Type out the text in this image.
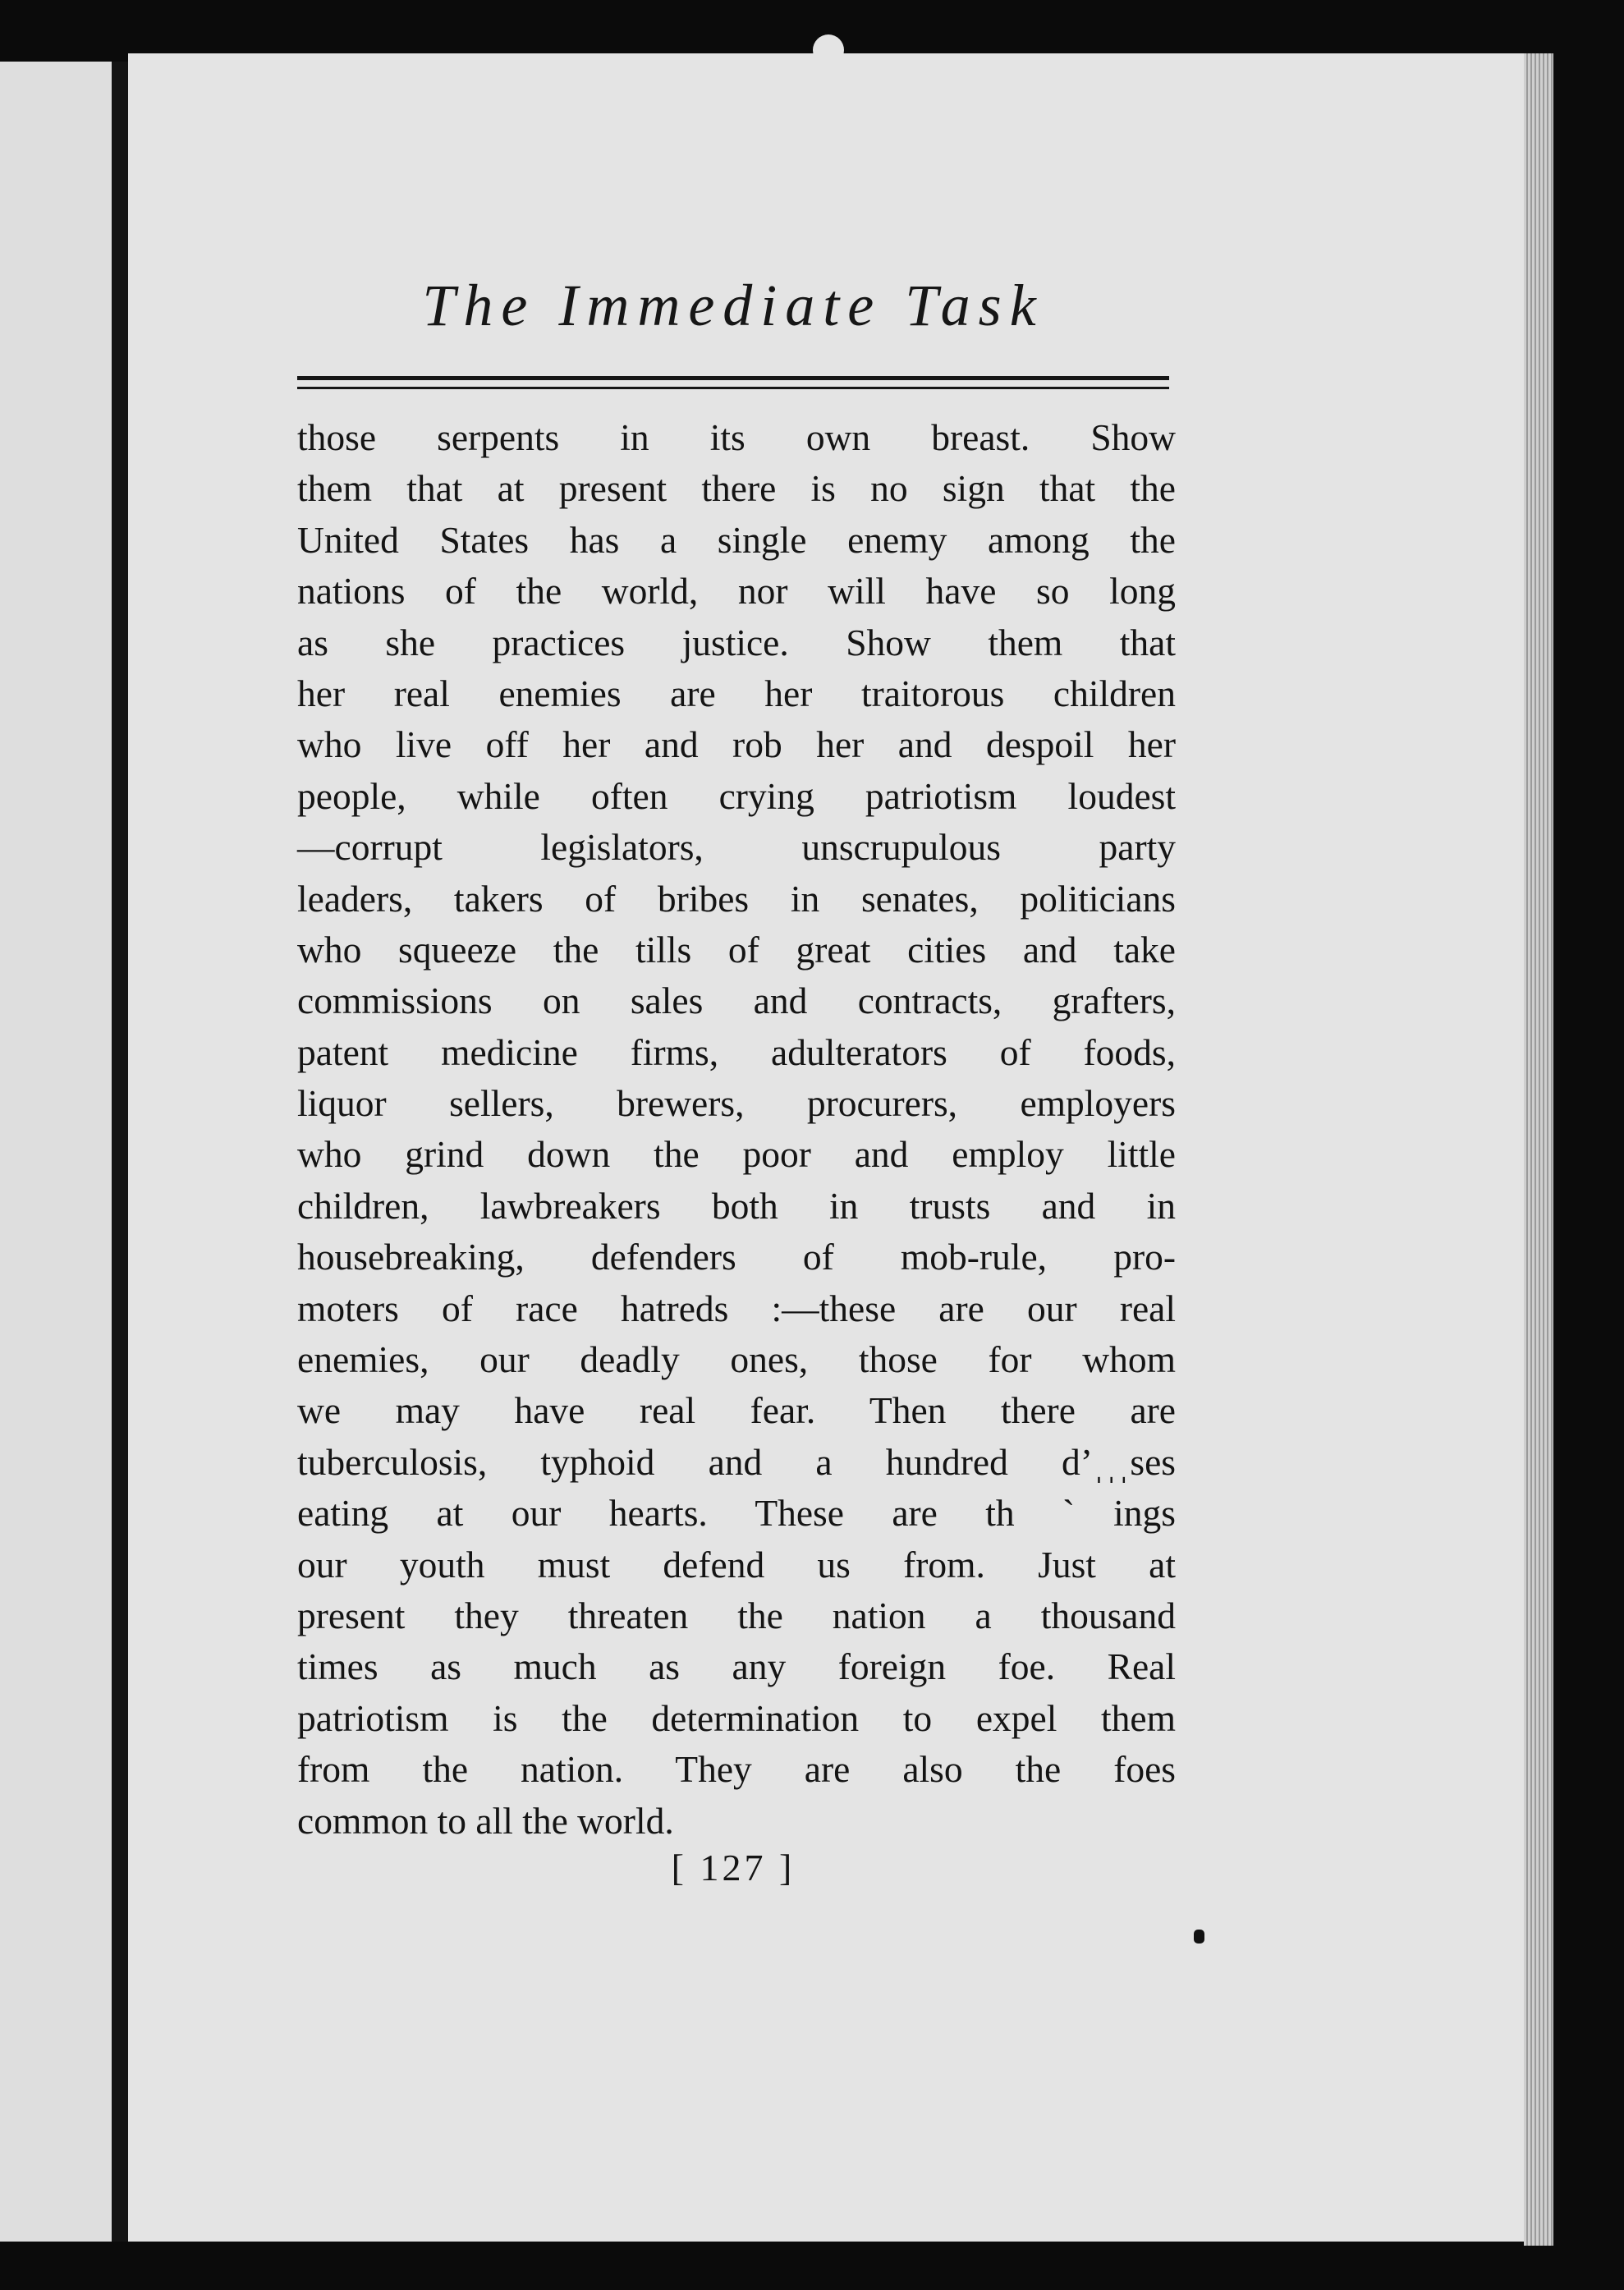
The Immediate Task
those serpents in its own breast. Show
them that at present there is no sign that the
United States has a single enemy among the
nations of the world, nor will have so long
as she practices justice. Show them that
her real enemies are her traitorous children
who live off her and rob her and despoil her
people, while often crying patriotism loudest
—corrupt legislators, unscrupulous party
leaders, takers of bribes in senates, politicians
who squeeze the tills of great cities and take
commissions on sales and contracts, grafters,
patent medicine firms, adulterators of foods,
liquor sellers, brewers, procurers, employers
who grind down the poor and employ little
children, lawbreakers both in trusts and in
housebreaking, defenders of mob-rule, pro-
moters of race hatreds :—these are our real
enemies, our deadly ones, those for whom
we may have real fear. Then there are
tuberculosis, typhoid and a hundred d’ˌˌˌses
eating at our hearts. These are th ˋings
our youth must defend us from. Just at
present they threaten the nation a thousand
times as much as any foreign foe. Real
patriotism is the determination to expel them
from the nation. They are also the foes
common to all the world.
[ 127 ]
